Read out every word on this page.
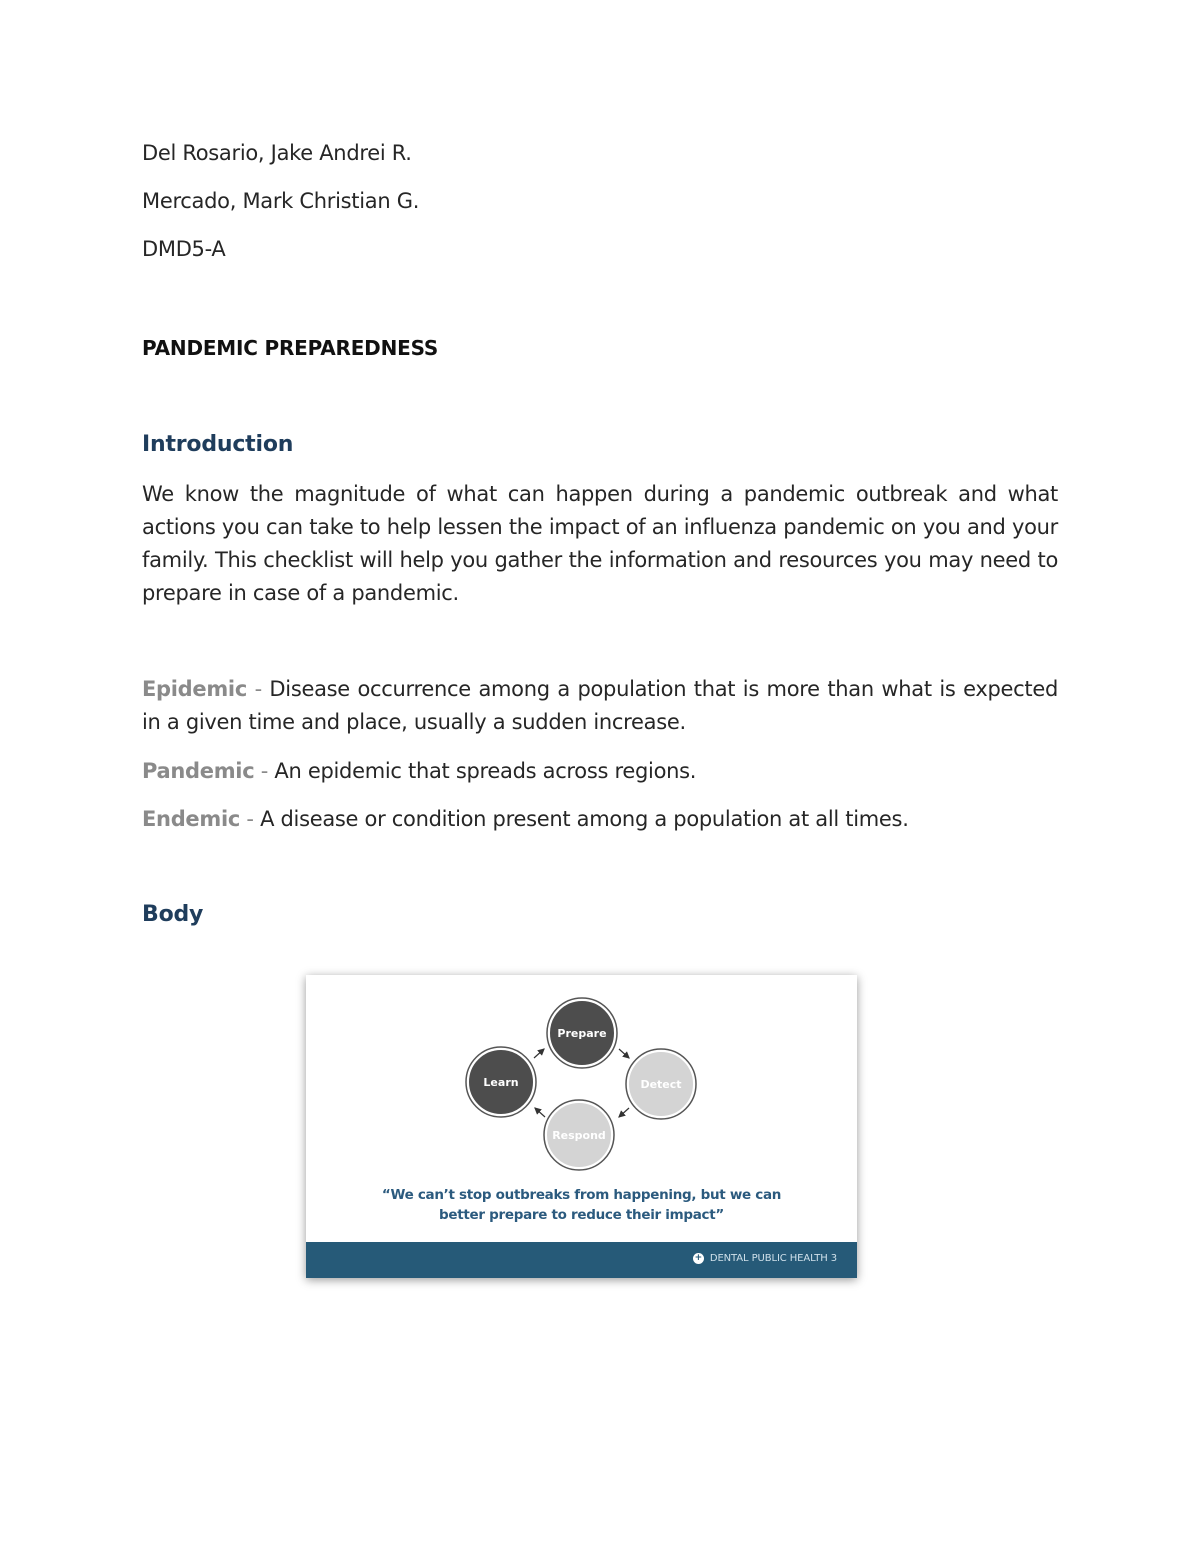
Del Rosario, Jake Andrei R.
Mercado, Mark Christian G.
DMD5-A
PANDEMIC PREPAREDNESS
Introduction
We know the magnitude of what can happen during a pandemic outbreak and what actions you can take to help lessen the impact of an influenza pandemic on you and your family. This checklist will help you gather the information and resources you may need to prepare in case of a pandemic.
Epidemic - Disease occurrence among a population that is more than what is expected in a given time and place, usually a sudden increase.
Pandemic - An epidemic that spreads across regions.
Endemic - A disease or condition present among a population at all times.
Body
Prepare
Detect
Respond
Learn
“We can’t stop outbreaks from happening, but we can better prepare to reduce their impact”
+ DENTAL PUBLIC HEALTH 3
